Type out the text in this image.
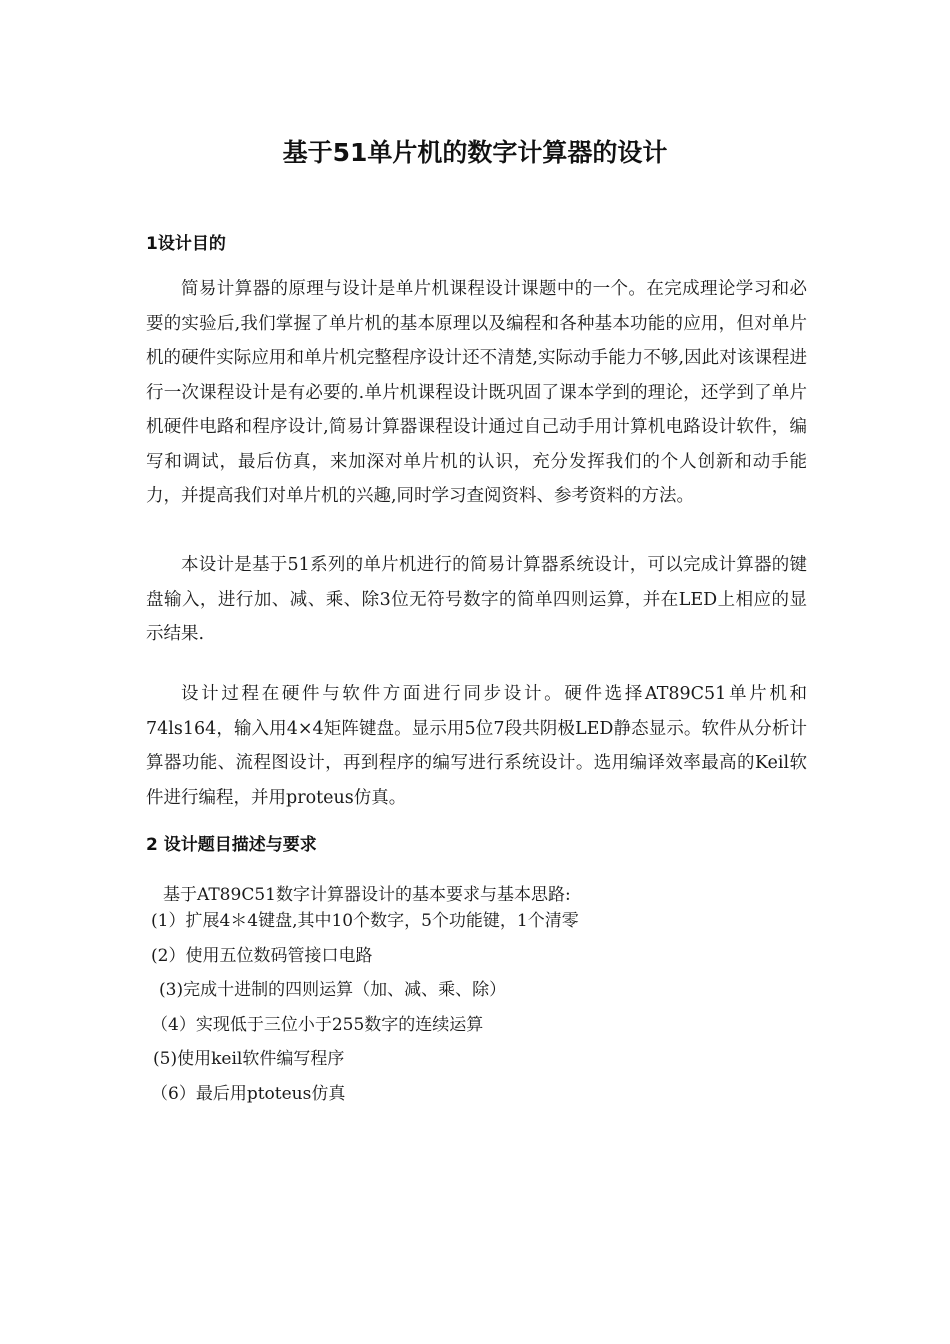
基于51单片机的数字计算器的设计
1设计目的
简易计算器的原理与设计是单片机课程设计课题中的一个。在完成理论学习和必要的实验后,我们掌握了单片机的基本原理以及编程和各种基本功能的应用，但对单片机的硬件实际应用和单片机完整程序设计还不清楚,实际动手能力不够,因此对该课程进行一次课程设计是有必要的.单片机课程设计既巩固了课本学到的理论，还学到了单片机硬件电路和程序设计,简易计算器课程设计通过自己动手用计算机电路设计软件，编写和调试，最后仿真，来加深对单片机的认识，充分发挥我们的个人创新和动手能力，并提高我们对单片机的兴趣,同时学习查阅资料、参考资料的方法。
本设计是基于51系列的单片机进行的简易计算器系统设计，可以完成计算器的键盘输入，进行加、减、乘、除3位无符号数字的简单四则运算，并在LED上相应的显示结果.
设计过程在硬件与软件方面进行同步设计。硬件选择AT89C51单片机和74ls164，输入用4×4矩阵键盘。显示用5位7段共阴极LED静态显示。软件从分析计算器功能、流程图设计，再到程序的编写进行系统设计。选用编译效率最高的Keil软件进行编程，并用proteus仿真。
2 设计题目描述与要求
基于AT89C51数字计算器设计的基本要求与基本思路:
(1）扩展4＊4键盘,其中10个数字，5个功能键，1个清零
(2）使用五位数码管接口电路
(3)完成十进制的四则运算（加、减、乘、除）
（4）实现低于三位小于255数字的连续运算
(5)使用keil软件编写程序
（6）最后用ptoteus仿真
